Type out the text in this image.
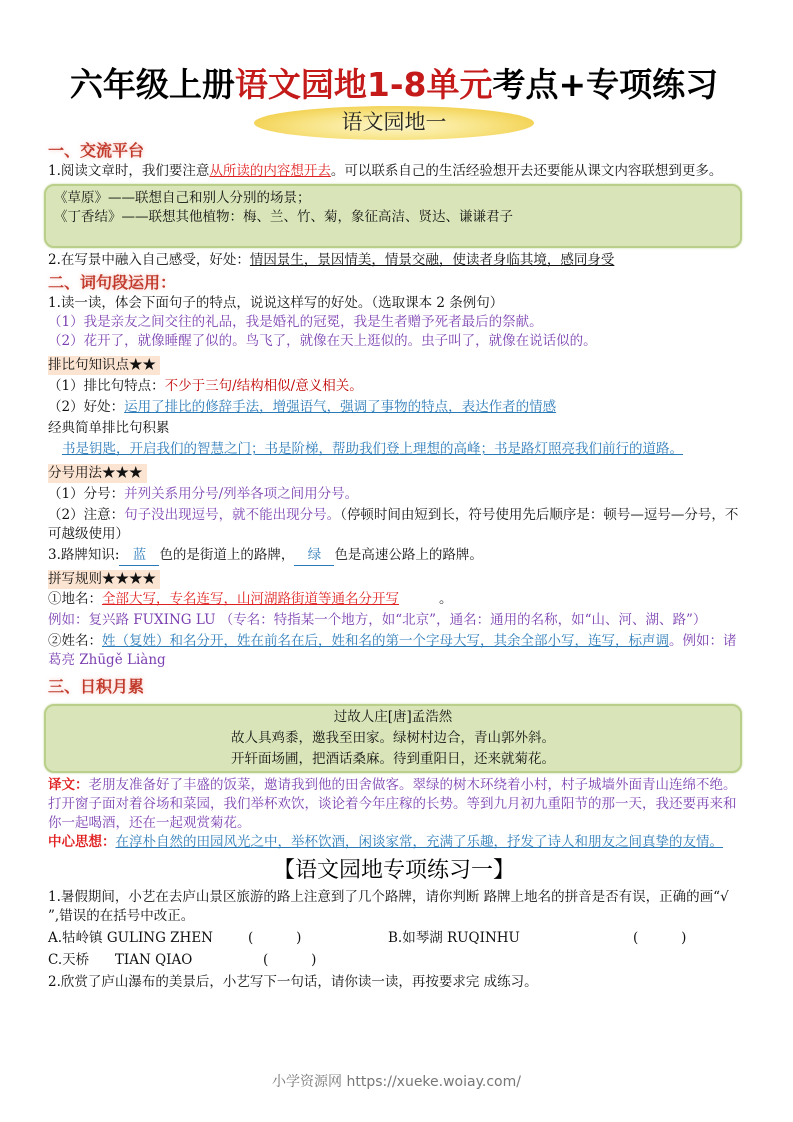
六年级上册语文园地1-8单元考点+专项练习
语文园地一
一、交流平台
1.阅读文章时，我们要注意从所读的内容想开去。可以联系自己的生活经验想开去还要能从课文内容联想到更多。
《草原》——联想自己和别人分别的场景；
《丁香结》——联想其他植物：梅、兰、竹、菊，象征高洁、贤达、谦谦君子
2.在写景中融入自己感受，好处：情因景生，景因情美，情景交融，使读者身临其境，感同身受
二、词句段运用：
1.读一读，体会下面句子的特点，说说这样写的好处。（选取课本 2 条例句）
（1）我是亲友之间交往的礼品，我是婚礼的冠冕，我是生者赠予死者最后的祭献。
（2）花开了，就像睡醒了似的。鸟飞了，就像在天上逛似的。虫子叫了，就像在说话似的。
排比句知识点★★
（1）排比句特点：不少于三句/结构相似/意义相关。
（2）好处：运用了排比的修辞手法，增强语气，强调了事物的特点，表达作者的情感
经典简单排比句积累
书是钥匙，开启我们的智慧之门；书是阶梯，帮助我们登上理想的高峰；书是路灯照亮我们前行的道路。
分号用法★★★
（1）分号：并列关系用分号/列举各项之间用分号。
（2）注意：句子没出现逗号，就不能出现分号。（停顿时间由短到长，符号使用先后顺序是：顿号—逗号—分号，不可越级使用）
3.路牌知识: 蓝 色的是街道上的路牌， 绿 色是高速公路上的路牌。
拼写规则★★★★
①地名：全部大写，专名连写，山河湖路街道等通名分开写	。
例如：复兴路 FUXING LU （专名：特指某一个地方，如“北京”，通名：通用的名称，如“山、河、湖、路”）
②姓名：姓（复姓）和名分开，姓在前名在后，姓和名的第一个字母大写，其余全部小写，连写，标声调。例如：诸葛亮 Zhūgě Liàng
三、日积月累
过故人庄[唐]孟浩然
故人具鸡黍，邀我至田家。绿树村边合，青山郭外斜。
开轩面场圃，把酒话桑麻。待到重阳日，还来就菊花。
译文：老朋友准备好了丰盛的饭菜，邀请我到他的田舍做客。翠绿的树木环绕着小村，村子城墙外面青山连绵不绝。打开窗子面对着谷场和菜园，我们举杯欢饮，谈论着今年庄稼的长势。等到九月初九重阳节的那一天，我还要再来和你一起喝酒，还在一起观赏菊花。
中心思想：在淳朴自然的田园风光之中，举杯饮酒，闲谈家常，充满了乐趣，抒发了诗人和朋友之间真挚的友情。
【语文园地专项练习一】
1.暑假期间，小艺在去庐山景区旅游的路上注意到了几个路牌，请你判断 路牌上地名的拼音是否有误，正确的画“√ ”,错误的在括号中改正。
A.牯岭镇 GULING ZHEN	(          )	B.如琴湖 RUQINHU	(          )
C.天桥      TIAN QIAO	(          )
2.欣赏了庐山瀑布的美景后，小艺写下一句话，请你读一读，再按要求完 成练习。
小学资源网 https://xueke.woiay.com/
